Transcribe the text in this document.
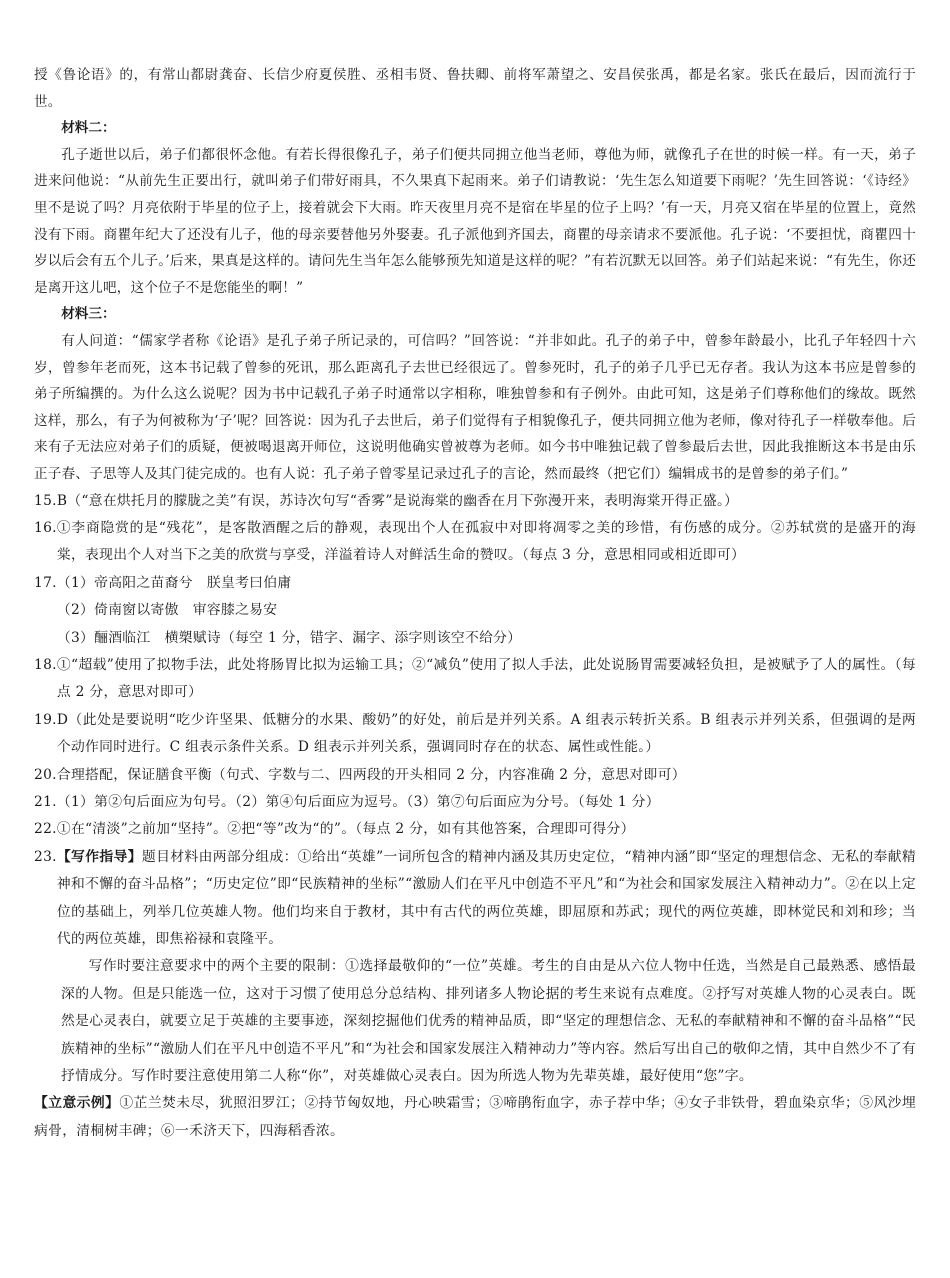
授《鲁论语》的，有常山都尉龚奋、长信少府夏侯胜、丞相韦贤、鲁扶卿、前将军萧望之、安昌侯张禹，都是名家。张氏在最后，因而流行于世。

材料二：

孔子逝世以后，弟子们都很怀念他。有若长得很像孔子，弟子们便共同拥立他当老师，尊他为师，就像孔子在世的时候一样。有一天，弟子进来问他说：“从前先生正要出行，就叫弟子们带好雨具，不久果真下起雨来。弟子们请教说：‘先生怎么知道要下雨呢？’先生回答说：‘《诗经》里不是说了吗？月亮依附于毕星的位子上，接着就会下大雨。昨天夜里月亮不是宿在毕星的位子上吗？’有一天，月亮又宿在毕星的位置上，竟然没有下雨。商瞿年纪大了还没有儿子，他的母亲要替他另外娶妻。孔子派他到齐国去，商瞿的母亲请求不要派他。孔子说：‘不要担忧，商瞿四十岁以后会有五个儿子。’后来，果真是这样的。请问先生当年怎么能够预先知道是这样的呢？”有若沉默无以回答。弟子们站起来说：“有先生，你还是离开这儿吧，这个位子不是您能坐的啊！”

材料三：

有人问道：“儒家学者称《论语》是孔子弟子所记录的，可信吗？”回答说：“并非如此。孔子的弟子中，曾参年龄最小，比孔子年轻四十六岁，曾参年老而死，这本书记载了曾参的死讯，那么距离孔子去世已经很远了。曾参死时，孔子的弟子几乎已无存者。我认为这本书应是曾参的弟子所编撰的。为什么这么说呢？因为书中记载孔子弟子时通常以字相称，唯独曾参和有子例外。由此可知，这是弟子们尊称他们的缘故。既然这样，那么，有子为何被称为‘子’呢？回答说：因为孔子去世后，弟子们觉得有子相貌像孔子，便共同拥立他为老师，像对待孔子一样敬奉他。后来有子无法应对弟子们的质疑，便被喝退离开师位，这说明他确实曾被尊为老师。如今书中唯独记载了曾参最后去世，因此我推断这本书是由乐正子春、子思等人及其门徒完成的。也有人说：孔子弟子曾零星记录过孔子的言论，然而最终（把它们）编辑成书的是曾参的弟子们。”

15. B（“意在烘托月的朦胧之美”有误，苏诗次句写“香雾”是说海棠的幽香在月下弥漫开来，表明海棠开得正盛。）
16. ①李商隐赏的是“残花”，是客散酒醒之后的静观，表现出个人在孤寂中对即将凋零之美的珍惜，有伤感的成分。②苏轼赏的是盛开的海棠，表现出个人对当下之美的欣赏与享受，洋溢着诗人对鲜活生命的赞叹。（每点 3 分，意思相同或相近即可）
17. （1）帝高阳之苗裔兮　朕皇考曰伯庸
（2）倚南窗以寄傲　审容膝之易安
（3）酾酒临江　横槊赋诗（每空 1 分，错字、漏字、添字则该空不给分）
18. ①“超载”使用了拟物手法，此处将肠胃比拟为运输工具；②“减负”使用了拟人手法，此处说肠胃需要减轻负担，是被赋予了人的属性。（每点 2 分，意思对即可）
19. D（此处是要说明“吃少许坚果、低糖分的水果、酸奶”的好处，前后是并列关系。A 组表示转折关系。B 组表示并列关系，但强调的是两个动作同时进行。C 组表示条件关系。D 组表示并列关系，强调同时存在的状态、属性或性能。）
20. 合理搭配，保证膳食平衡（句式、字数与二、四两段的开头相同 2 分，内容准确 2 分，意思对即可）
21. （1）第②句后面应为句号。（2）第④句后面应为逗号。（3）第⑦句后面应为分号。（每处 1 分）
22. ①在“清淡”之前加“坚持”。②把“等”改为“的”。（每点 2 分，如有其他答案，合理即可得分）
23. 【写作指导】题目材料由两部分组成：①给出“英雄”一词所包含的精神内涵及其历史定位，“精神内涵”即“坚定的理想信念、无私的奉献精神和不懈的奋斗品格”；“历史定位”即“民族精神的坐标”“激励人们在平凡中创造不平凡”和“为社会和国家发展注入精神动力”。②在以上定位的基础上，列举几位英雄人物。他们均来自于教材，其中有古代的两位英雄，即屈原和苏武；现代的两位英雄，即林觉民和刘和珍；当代的两位英雄，即焦裕禄和袁隆平。

写作时要注意要求中的两个主要的限制：①选择最敬仰的“一位”英雄。考生的自由是从六位人物中任选，当然是自己最熟悉、感悟最深的人物。但是只能选一位，这对于习惯了使用总分总结构、排列诸多人物论据的考生来说有点难度。②抒写对英雄人物的心灵表白。既然是心灵表白，就要立足于英雄的主要事迹，深刻挖掘他们优秀的精神品质，即“坚定的理想信念、无私的奉献精神和不懈的奋斗品格”“民族精神的坐标”“激励人们在平凡中创造不平凡”和“为社会和国家发展注入精神动力”等内容。然后写出自己的敬仰之情，其中自然少不了有抒情成分。写作时要注意使用第二人称“你”，对英雄做心灵表白。因为所选人物为先辈英雄，最好使用“您”字。

【立意示例】①芷兰焚未尽，犹照汨罗江；②持节匈奴地，丹心映霜雪；③啼鹃衔血字，赤子荐中华；④女子非铁骨，碧血染京华；⑤风沙埋病骨，清桐树丰碑；⑥一禾济天下，四海稻香浓。
